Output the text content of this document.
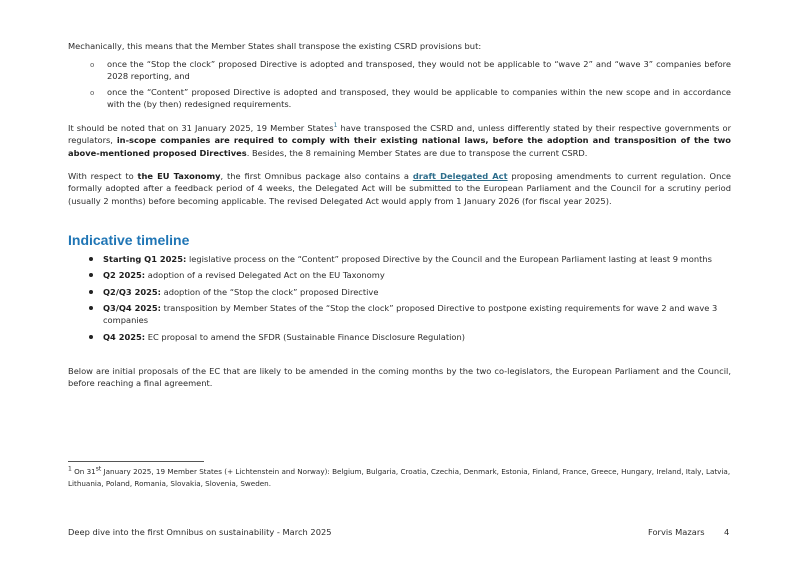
Mechanically, this means that the Member States shall transpose the existing CSRD provisions but:

o once the “Stop the clock” proposed Directive is adopted and transposed, they would not be applicable to “wave 2” and “wave 3” companies before 2028 reporting, and
o once the “Content” proposed Directive is adopted and transposed, they would be applicable to companies within the new scope and in accordance with the (by then) redesigned requirements.

It should be noted that on 31 January 2025, 19 Member States$^1$ have transposed the CSRD and, unless differently stated by their respective governments or regulators, in-scope companies are required to comply with their existing national laws, before the adoption and transposition of the two above-mentioned proposed Directives. Besides, the 8 remaining Member States are due to transpose the current CSRD.

With respect to the EU Taxonomy, the first Omnibus package also contains a draft Delegated Act proposing amendments to current regulation. Once formally adopted after a feedback period of 4 weeks, the Delegated Act will be submitted to the European Parliament and the Council for a scrutiny period (usually 2 months) before becoming applicable. The revised Delegated Act would apply from 1 January 2026 (for fiscal year 2025).

Indicative timeline
Starting Q1 2025: legislative process on the “Content” proposed Directive by the Council and the European Parliament lasting at least 9 months
Q2 2025: adoption of a revised Delegated Act on the EU Taxonomy
Q2/Q3 2025: adoption of the “Stop the clock” proposed Directive
Q3/Q4 2025: transposition by Member States of the “Stop the clock” proposed Directive to postpone existing requirements for wave 2 and wave 3 companies
Q4 2025: EC proposal to amend the SFDR (Sustainable Finance Disclosure Regulation)

Below are initial proposals of the EC that are likely to be amended in the coming months by the two co-legislators, the European Parliament and the Council, before reaching a final agreement.

$^1$ On 31st January 2025, 19 Member States (+ Lichtenstein and Norway): Belgium, Bulgaria, Croatia, Czechia, Denmark, Estonia, Finland, France, Greece, Hungary, Ireland, Italy, Latvia, Lithuania, Poland, Romania, Slovakia, Slovenia, Sweden.
Deep dive into the first Omnibus on sustainability - March 2025	Forvis Mazars 4
